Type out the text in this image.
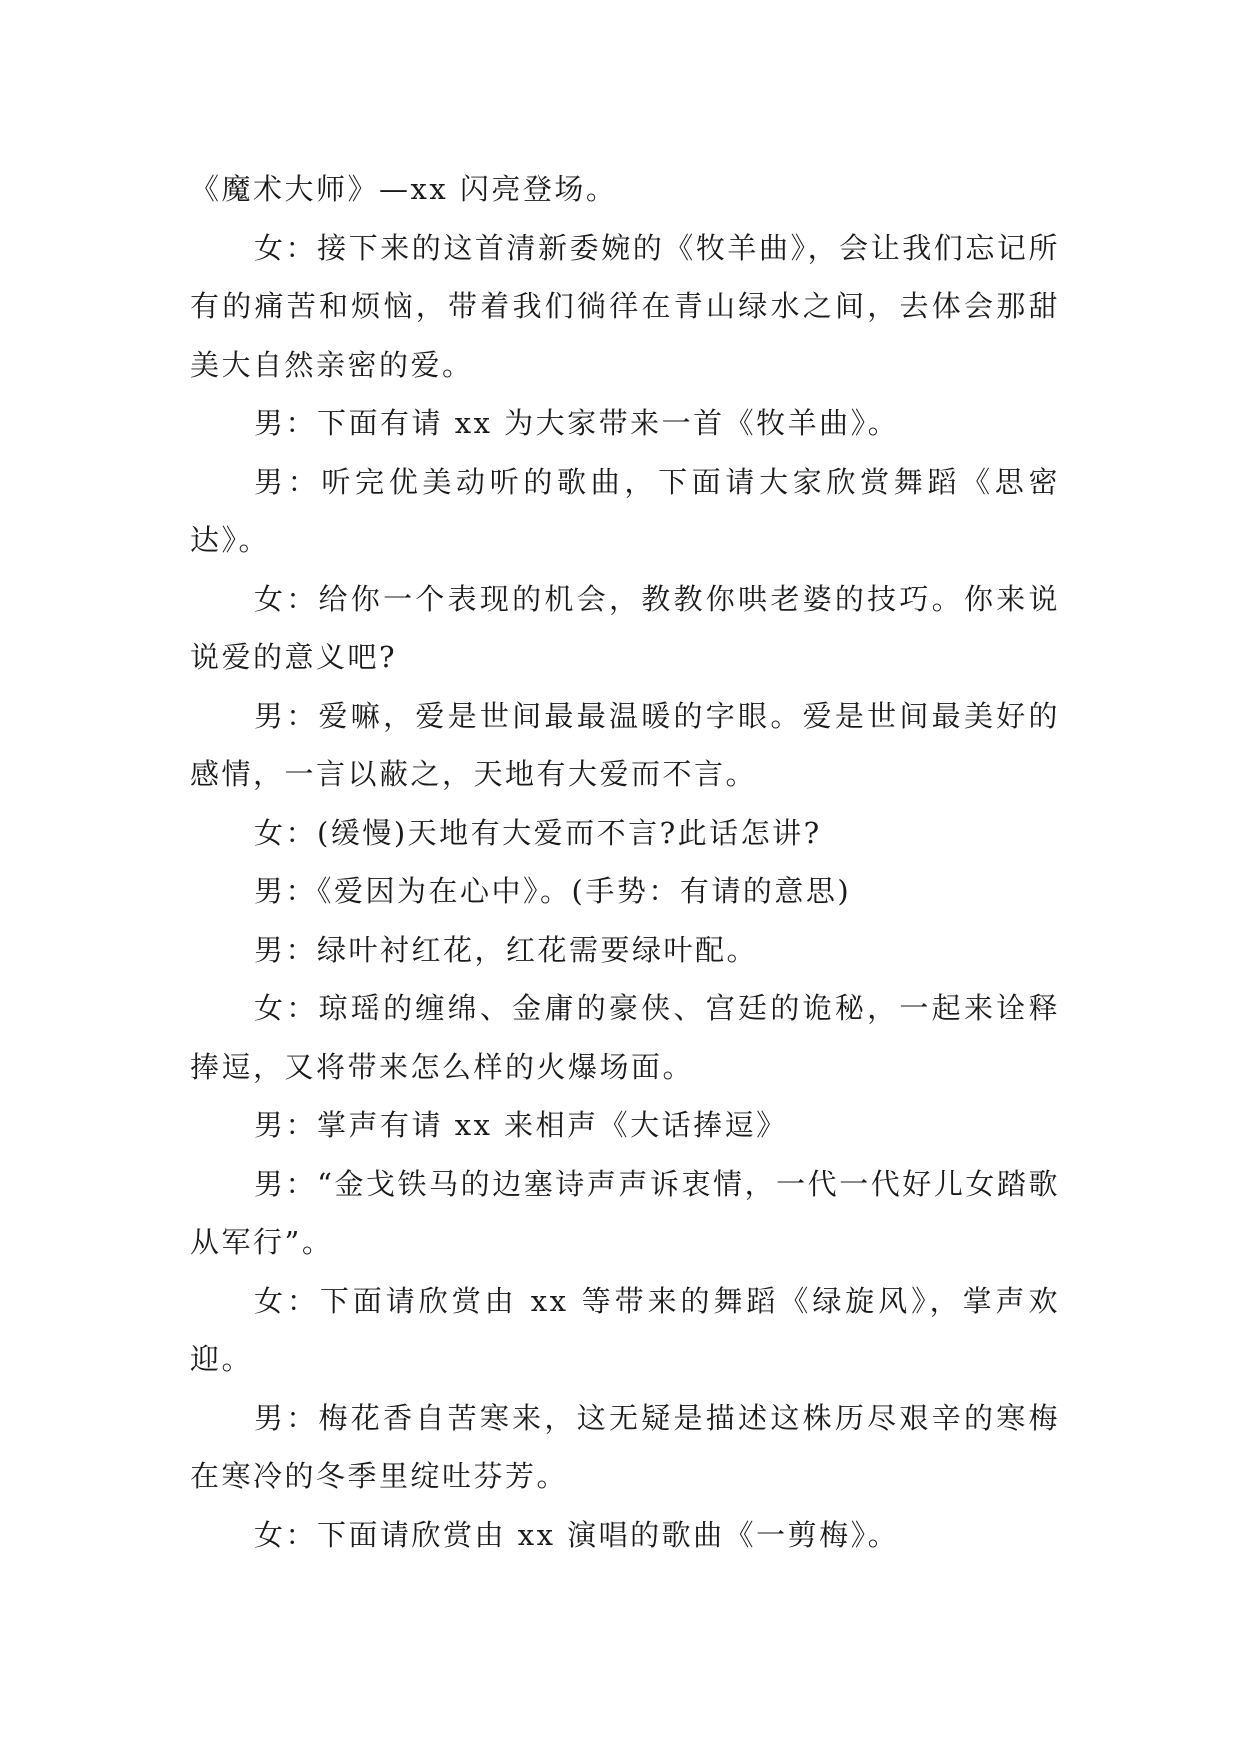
《魔术大师》—xx 闪亮登场。

女：接下来的这首清新委婉的《牧羊曲》，会让我们忘记所有的痛苦和烦恼，带着我们徜徉在青山绿水之间，去体会那甜美大自然亲密的爱。

男：下面有请 xx 为大家带来一首《牧羊曲》。

男：听完优美动听的歌曲，下面请大家欣赏舞蹈《思密达》。

女：给你一个表现的机会，教教你哄老婆的技巧。你来说说爱的意义吧?

男：爱嘛，爱是世间最最温暖的字眼。爱是世间最美好的感情，一言以蔽之，天地有大爱而不言。

女：(缓慢)天地有大爱而不言?此话怎讲?

男：《爱因为在心中》。(手势：有请的意思)

男：绿叶衬红花，红花需要绿叶配。

女：琼瑶的缠绵、金庸的豪侠、宫廷的诡秘，一起来诠释捧逗，又将带来怎么样的火爆场面。

男：掌声有请 xx 来相声《大话捧逗》

男：“金戈铁马的边塞诗声声诉衷情，一代一代好儿女踏歌从军行”。

女：下面请欣赏由 xx 等带来的舞蹈《绿旋风》，掌声欢迎。

男：梅花香自苦寒来，这无疑是描述这株历尽艰辛的寒梅在寒冷的冬季里绽吐芬芳。

女：下面请欣赏由 xx 演唱的歌曲《一剪梅》。
